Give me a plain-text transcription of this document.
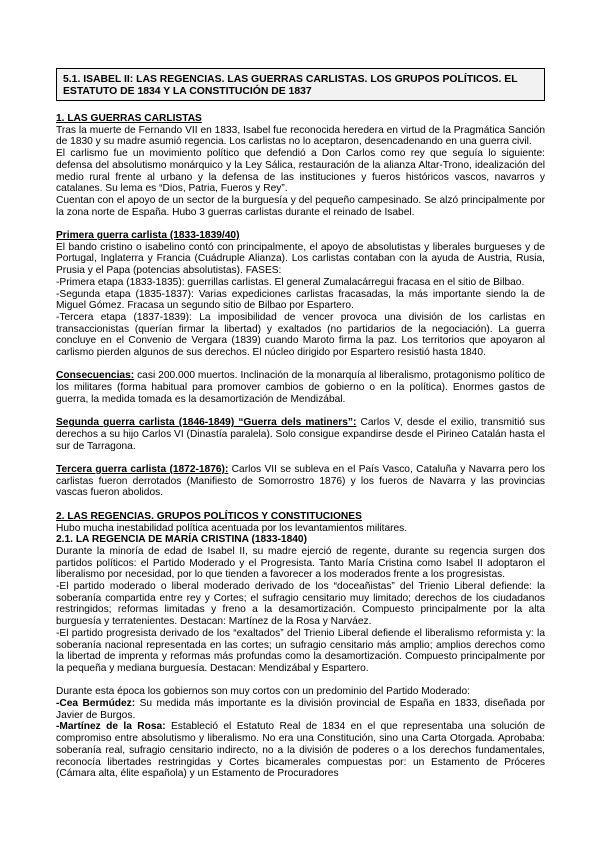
5.1. ISABEL II: LAS REGENCIAS. LAS GUERRAS CARLISTAS. LOS GRUPOS POLÍTICOS. EL ESTATUTO DE 1834 Y LA CONSTITUCIÓN DE 1837

1. LAS GUERRAS CARLISTAS

Tras la muerte de Fernando VII en 1833, Isabel fue reconocida heredera en virtud de la Pragmática Sanción de 1830 y su madre asumió regencia. Los carlistas no lo aceptaron, desencadenando en una guerra civil.

El carlismo fue un movimiento político que defendió a Don Carlos como rey que seguía lo siguiente: defensa del absolutismo monárquico y la Ley Sálica, restauración de la alianza Altar-Trono, idealización del medio rural frente al urbano y la defensa de las instituciones y fueros históricos vascos, navarros y catalanes. Su lema es “Dios, Patria, Fueros y Rey”.

Cuentan con el apoyo de un sector de la burguesía y del pequeño campesinado. Se alzó principalmente por la zona norte de España. Hubo 3 guerras carlistas durante el reinado de Isabel.

Primera guerra carlista (1833-1839/40)

El bando cristino o isabelino contó con principalmente, el apoyo de absolutistas y liberales burgueses y de Portugal, Inglaterra y Francia (Cuádruple Alianza). Los carlistas contaban con la ayuda de Austria, Rusia, Prusia y el Papa (potencias absolutistas). FASES:

-Primera etapa (1833-1835): guerrillas carlistas. El general Zumalacárregui fracasa en el sitio de Bilbao.

-Segunda etapa (1835-1837): Varias expediciones carlistas fracasadas, la más importante siendo la de Miguel Gómez. Fracasa un segundo sitio de Bilbao por Espartero.

-Tercera etapa (1837-1839): La imposibilidad de vencer provoca una división de los carlistas en transaccionistas (querían firmar la libertad) y exaltados (no partidarios de la negociación). La guerra concluye en el Convenio de Vergara (1839) cuando Maroto firma la paz. Los territorios que apoyaron al carlismo pierden algunos de sus derechos. El núcleo dirigido por Espartero resistió hasta 1840.

Consecuencias: casi 200.000 muertos. Inclinación de la monarquía al liberalismo, protagonismo político de los militares (forma habitual para promover cambios de gobierno o en la política). Enormes gastos de guerra, la medida tomada es la desamortización de Mendizábal.

Segunda guerra carlista (1846-1849) “Guerra dels matiners”: Carlos V, desde el exilio, transmitió sus derechos a su hijo Carlos VI (Dinastía paralela). Solo consigue expandirse desde el Pirineo Catalán hasta el sur de Tarragona.

Tercera guerra carlista (1872-1876): Carlos VII se subleva en el País Vasco, Cataluña y Navarra pero los carlistas fueron derrotados (Manifiesto de Somorrostro 1876) y los fueros de Navarra y las provincias vascas fueron abolidos.

2. LAS REGENCIAS. GRUPOS POLÍTICOS Y CONSTITUCIONES

Hubo mucha inestabilidad política acentuada por los levantamientos militares.

2.1. LA REGENCIA DE MARÍA CRISTINA (1833-1840)

Durante la minoría de edad de Isabel II, su madre ejerció de regente, durante su regencia surgen dos partidos políticos: el Partido Moderado y el Progresista. Tanto María Cristina como Isabel II adoptaron el liberalismo por necesidad, por lo que tienden a favorecer a los moderados frente a los progresistas.

-El partido moderado o liberal moderado derivado de los “doceañistas” del Trienio Liberal defiende: la soberanía compartida entre rey y Cortes; el sufragio censitario muy limitado; derechos de los ciudadanos restringidos; reformas limitadas y freno a la desamortización. Compuesto principalmente por la alta burguesía y terratenientes. Destacan: Martínez de la Rosa y Narváez.

-El partido progresista derivado de los “exaltados” del Trienio Liberal defiende el liberalismo reformista y: la soberanía nacional representada en las cortes; un sufragio censitario más amplio; amplios derechos como la libertad de imprenta y reformas más profundas como la desamortización. Compuesto principalmente por la pequeña y mediana burguesía. Destacan: Mendizábal y Espartero.

Durante esta época los gobiernos son muy cortos con un predominio del Partido Moderado:

-Cea Bermúdez: Su medida más importante es la división provincial de España en 1833, diseñada por Javier de Burgos.

-Martínez de la Rosa: Estableció el Estatuto Real de 1834 en el que representaba una solución de compromiso entre absolutismo y liberalismo. No era una Constitución, sino una Carta Otorgada. Aprobaba: soberanía real, sufragio censitario indirecto, no a la división de poderes o a los derechos fundamentales, reconocía libertades restringidas y Cortes bicamerales compuestas por: un Estamento de Próceres (Cámara alta, élite española) y un Estamento de Procuradores
